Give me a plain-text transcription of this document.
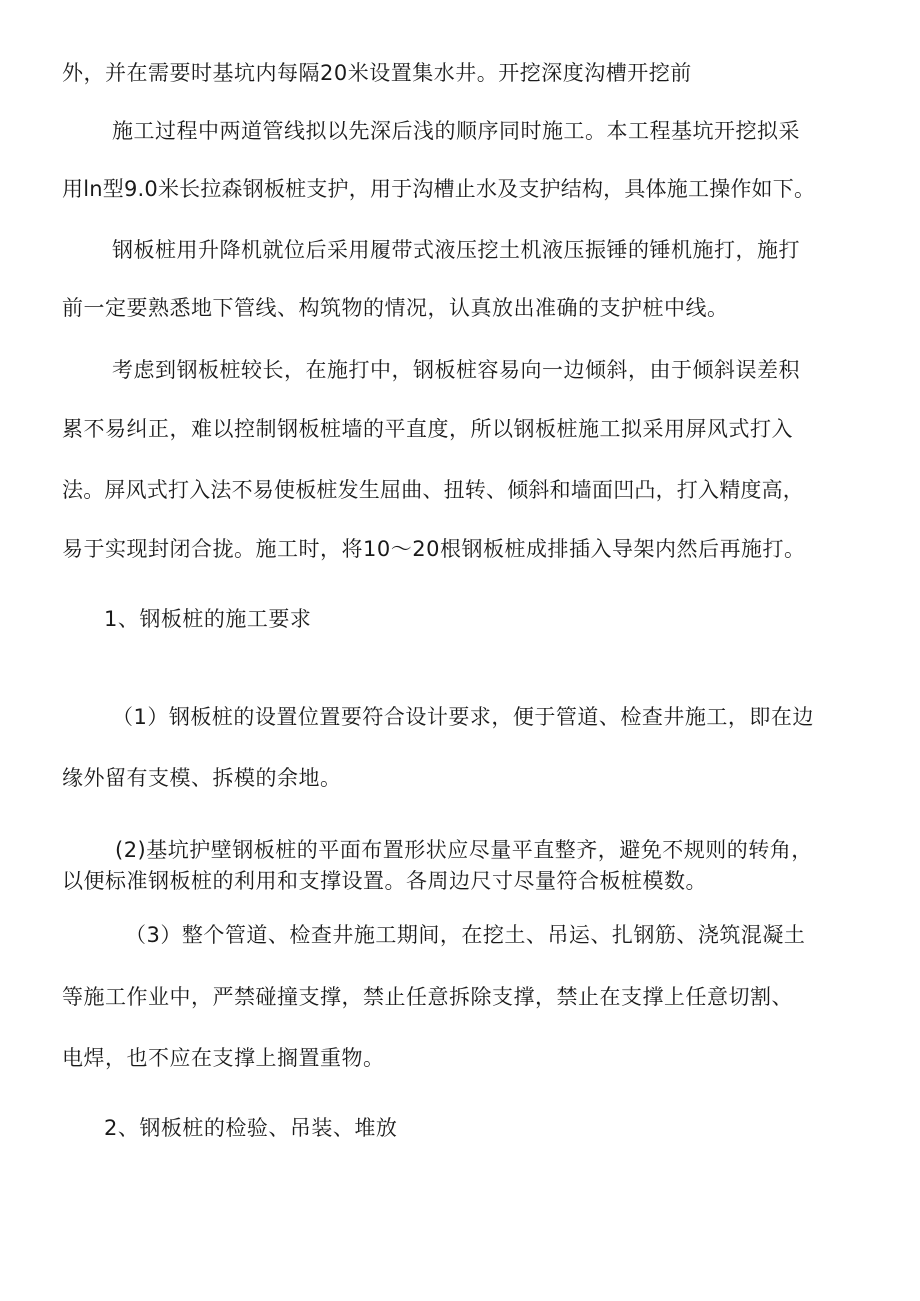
外，并在需要时基坑内每隔20米设置集水井。开挖深度沟槽开挖前
施工过程中两道管线拟以先深后浅的顺序同时施工。本工程基坑开挖拟采
用ln型9.0米长拉森钢板桩支护，用于沟槽止水及支护结构，具体施工操作如下。
钢板桩用升降机就位后采用履带式液压挖土机液压振锤的锤机施打，施打
前一定要熟悉地下管线、构筑物的情况，认真放出准确的支护桩中线。
考虑到钢板桩较长，在施打中，钢板桩容易向一边倾斜，由于倾斜误差积
累不易纠正，难以控制钢板桩墙的平直度，所以钢板桩施工拟采用屏风式打入
法。屏风式打入法不易使板桩发生屈曲、扭转、倾斜和墙面凹凸，打入精度高，
易于实现封闭合拢。施工时，将10～20根钢板桩成排插入导架内然后再施打。
1、钢板桩的施工要求
（1）钢板桩的设置位置要符合设计要求，便于管道、检查井施工，即在边
缘外留有支模、拆模的余地。
(2)基坑护壁钢板桩的平面布置形状应尽量平直整齐，避免不规则的转角，
以便标准钢板桩的利用和支撑设置。各周边尺寸尽量符合板桩模数。
（3）整个管道、检查井施工期间，在挖土、吊运、扎钢筋、浇筑混凝土
等施工作业中，严禁碰撞支撑，禁止任意拆除支撑，禁止在支撑上任意切割、
电焊，也不应在支撑上搁置重物。
2、钢板桩的检验、吊装、堆放
